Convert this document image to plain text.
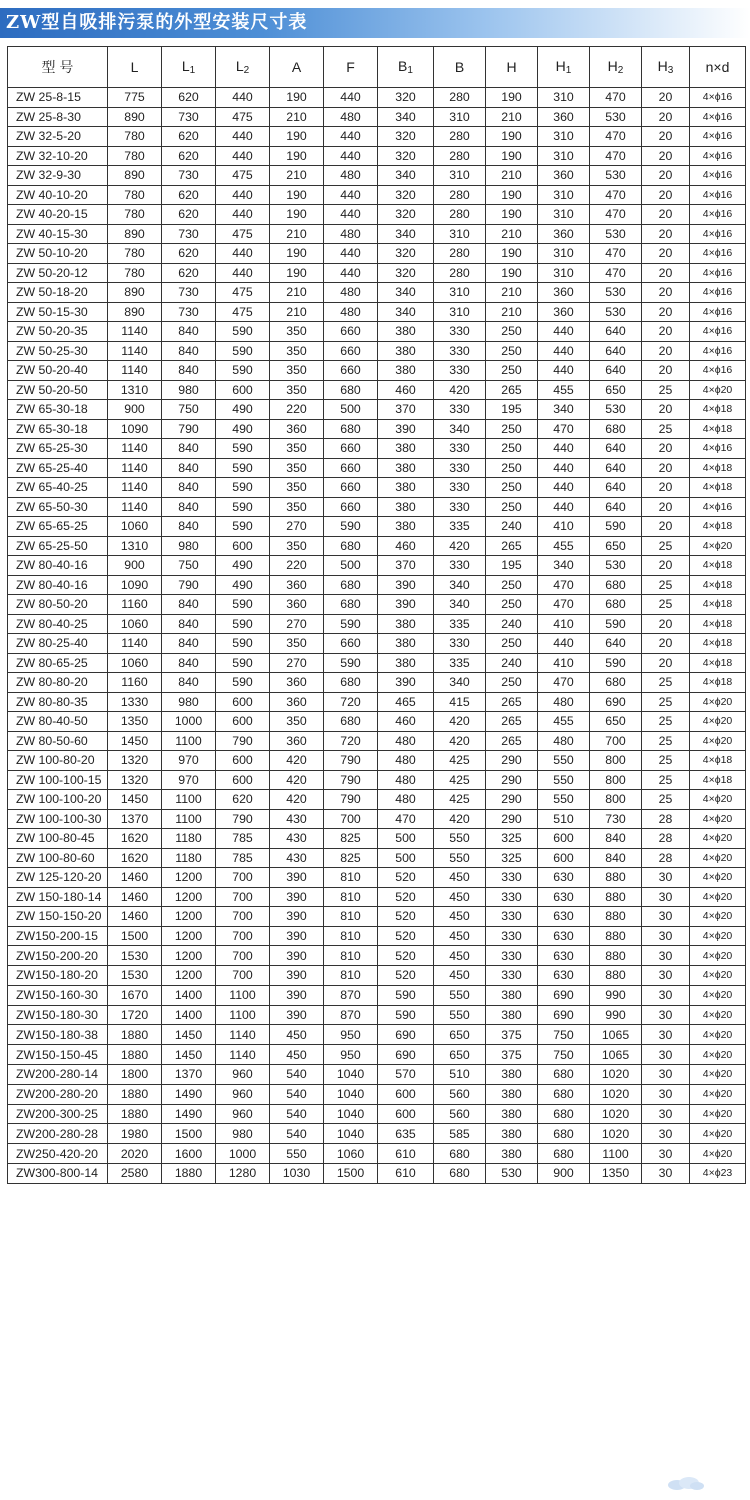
ZW型自吸排污泵的外型安装尺寸表
型 号	L	$L_1$	$L_2$	A	F	$B_1$	B	H	$H_1$	$H_2$	$H_3$	n×d
ZW 25-8-15	775	620	440	190	440	320	280	190	310	470	20	4×ϕ16
ZW 25-8-30	890	730	475	210	480	340	310	210	360	530	20	4×ϕ16
ZW 32-5-20	780	620	440	190	440	320	280	190	310	470	20	4×ϕ16
ZW 32-10-20	780	620	440	190	440	320	280	190	310	470	20	4×ϕ16
ZW 32-9-30	890	730	475	210	480	340	310	210	360	530	20	4×ϕ16
ZW 40-10-20	780	620	440	190	440	320	280	190	310	470	20	4×ϕ16
ZW 40-20-15	780	620	440	190	440	320	280	190	310	470	20	4×ϕ16
ZW 40-15-30	890	730	475	210	480	340	310	210	360	530	20	4×ϕ16
ZW 50-10-20	780	620	440	190	440	320	280	190	310	470	20	4×ϕ16
ZW 50-20-12	780	620	440	190	440	320	280	190	310	470	20	4×ϕ16
ZW 50-18-20	890	730	475	210	480	340	310	210	360	530	20	4×ϕ16
ZW 50-15-30	890	730	475	210	480	340	310	210	360	530	20	4×ϕ16
ZW 50-20-35	1140	840	590	350	660	380	330	250	440	640	20	4×ϕ16
ZW 50-25-30	1140	840	590	350	660	380	330	250	440	640	20	4×ϕ16
ZW 50-20-40	1140	840	590	350	660	380	330	250	440	640	20	4×ϕ16
ZW 50-20-50	1310	980	600	350	680	460	420	265	455	650	25	4×ϕ20
ZW 65-30-18	900	750	490	220	500	370	330	195	340	530	20	4×ϕ18
ZW 65-30-18	1090	790	490	360	680	390	340	250	470	680	25	4×ϕ18
ZW 65-25-30	1140	840	590	350	660	380	330	250	440	640	20	4×ϕ16
ZW 65-25-40	1140	840	590	350	660	380	330	250	440	640	20	4×ϕ18
ZW 65-40-25	1140	840	590	350	660	380	330	250	440	640	20	4×ϕ18
ZW 65-50-30	1140	840	590	350	660	380	330	250	440	640	20	4×ϕ16
ZW 65-65-25	1060	840	590	270	590	380	335	240	410	590	20	4×ϕ18
ZW 65-25-50	1310	980	600	350	680	460	420	265	455	650	25	4×ϕ20
ZW 80-40-16	900	750	490	220	500	370	330	195	340	530	20	4×ϕ18
ZW 80-40-16	1090	790	490	360	680	390	340	250	470	680	25	4×ϕ18
ZW 80-50-20	1160	840	590	360	680	390	340	250	470	680	25	4×ϕ18
ZW 80-40-25	1060	840	590	270	590	380	335	240	410	590	20	4×ϕ18
ZW 80-25-40	1140	840	590	350	660	380	330	250	440	640	20	4×ϕ18
ZW 80-65-25	1060	840	590	270	590	380	335	240	410	590	20	4×ϕ18
ZW 80-80-20	1160	840	590	360	680	390	340	250	470	680	25	4×ϕ18
ZW 80-80-35	1330	980	600	360	720	465	415	265	480	690	25	4×ϕ20
ZW 80-40-50	1350	1000	600	350	680	460	420	265	455	650	25	4×ϕ20
ZW 80-50-60	1450	1100	790	360	720	480	420	265	480	700	25	4×ϕ20
ZW 100-80-20	1320	970	600	420	790	480	425	290	550	800	25	4×ϕ18
ZW 100-100-15	1320	970	600	420	790	480	425	290	550	800	25	4×ϕ18
ZW 100-100-20	1450	1100	620	420	790	480	425	290	550	800	25	4×ϕ20
ZW 100-100-30	1370	1100	790	430	700	470	420	290	510	730	28	4×ϕ20
ZW 100-80-45	1620	1180	785	430	825	500	550	325	600	840	28	4×ϕ20
ZW 100-80-60	1620	1180	785	430	825	500	550	325	600	840	28	4×ϕ20
ZW 125-120-20	1460	1200	700	390	810	520	450	330	630	880	30	4×ϕ20
ZW 150-180-14	1460	1200	700	390	810	520	450	330	630	880	30	4×ϕ20
ZW 150-150-20	1460	1200	700	390	810	520	450	330	630	880	30	4×ϕ20
ZW150-200-15	1500	1200	700	390	810	520	450	330	630	880	30	4×ϕ20
ZW150-200-20	1530	1200	700	390	810	520	450	330	630	880	30	4×ϕ20
ZW150-180-20	1530	1200	700	390	810	520	450	330	630	880	30	4×ϕ20
ZW150-160-30	1670	1400	1100	390	870	590	550	380	690	990	30	4×ϕ20
ZW150-180-30	1720	1400	1100	390	870	590	550	380	690	990	30	4×ϕ20
ZW150-180-38	1880	1450	1140	450	950	690	650	375	750	1065	30	4×ϕ20
ZW150-150-45	1880	1450	1140	450	950	690	650	375	750	1065	30	4×ϕ20
ZW200-280-14	1800	1370	960	540	1040	570	510	380	680	1020	30	4×ϕ20
ZW200-280-20	1880	1490	960	540	1040	600	560	380	680	1020	30	4×ϕ20
ZW200-300-25	1880	1490	960	540	1040	600	560	380	680	1020	30	4×ϕ20
ZW200-280-28	1980	1500	980	540	1040	635	585	380	680	1020	30	4×ϕ20
ZW250-420-20	2020	1600	1000	550	1060	610	680	380	680	1100	30	4×ϕ20
ZW300-800-14	2580	1880	1280	1030	1500	610	680	530	900	1350	30	4×ϕ23
